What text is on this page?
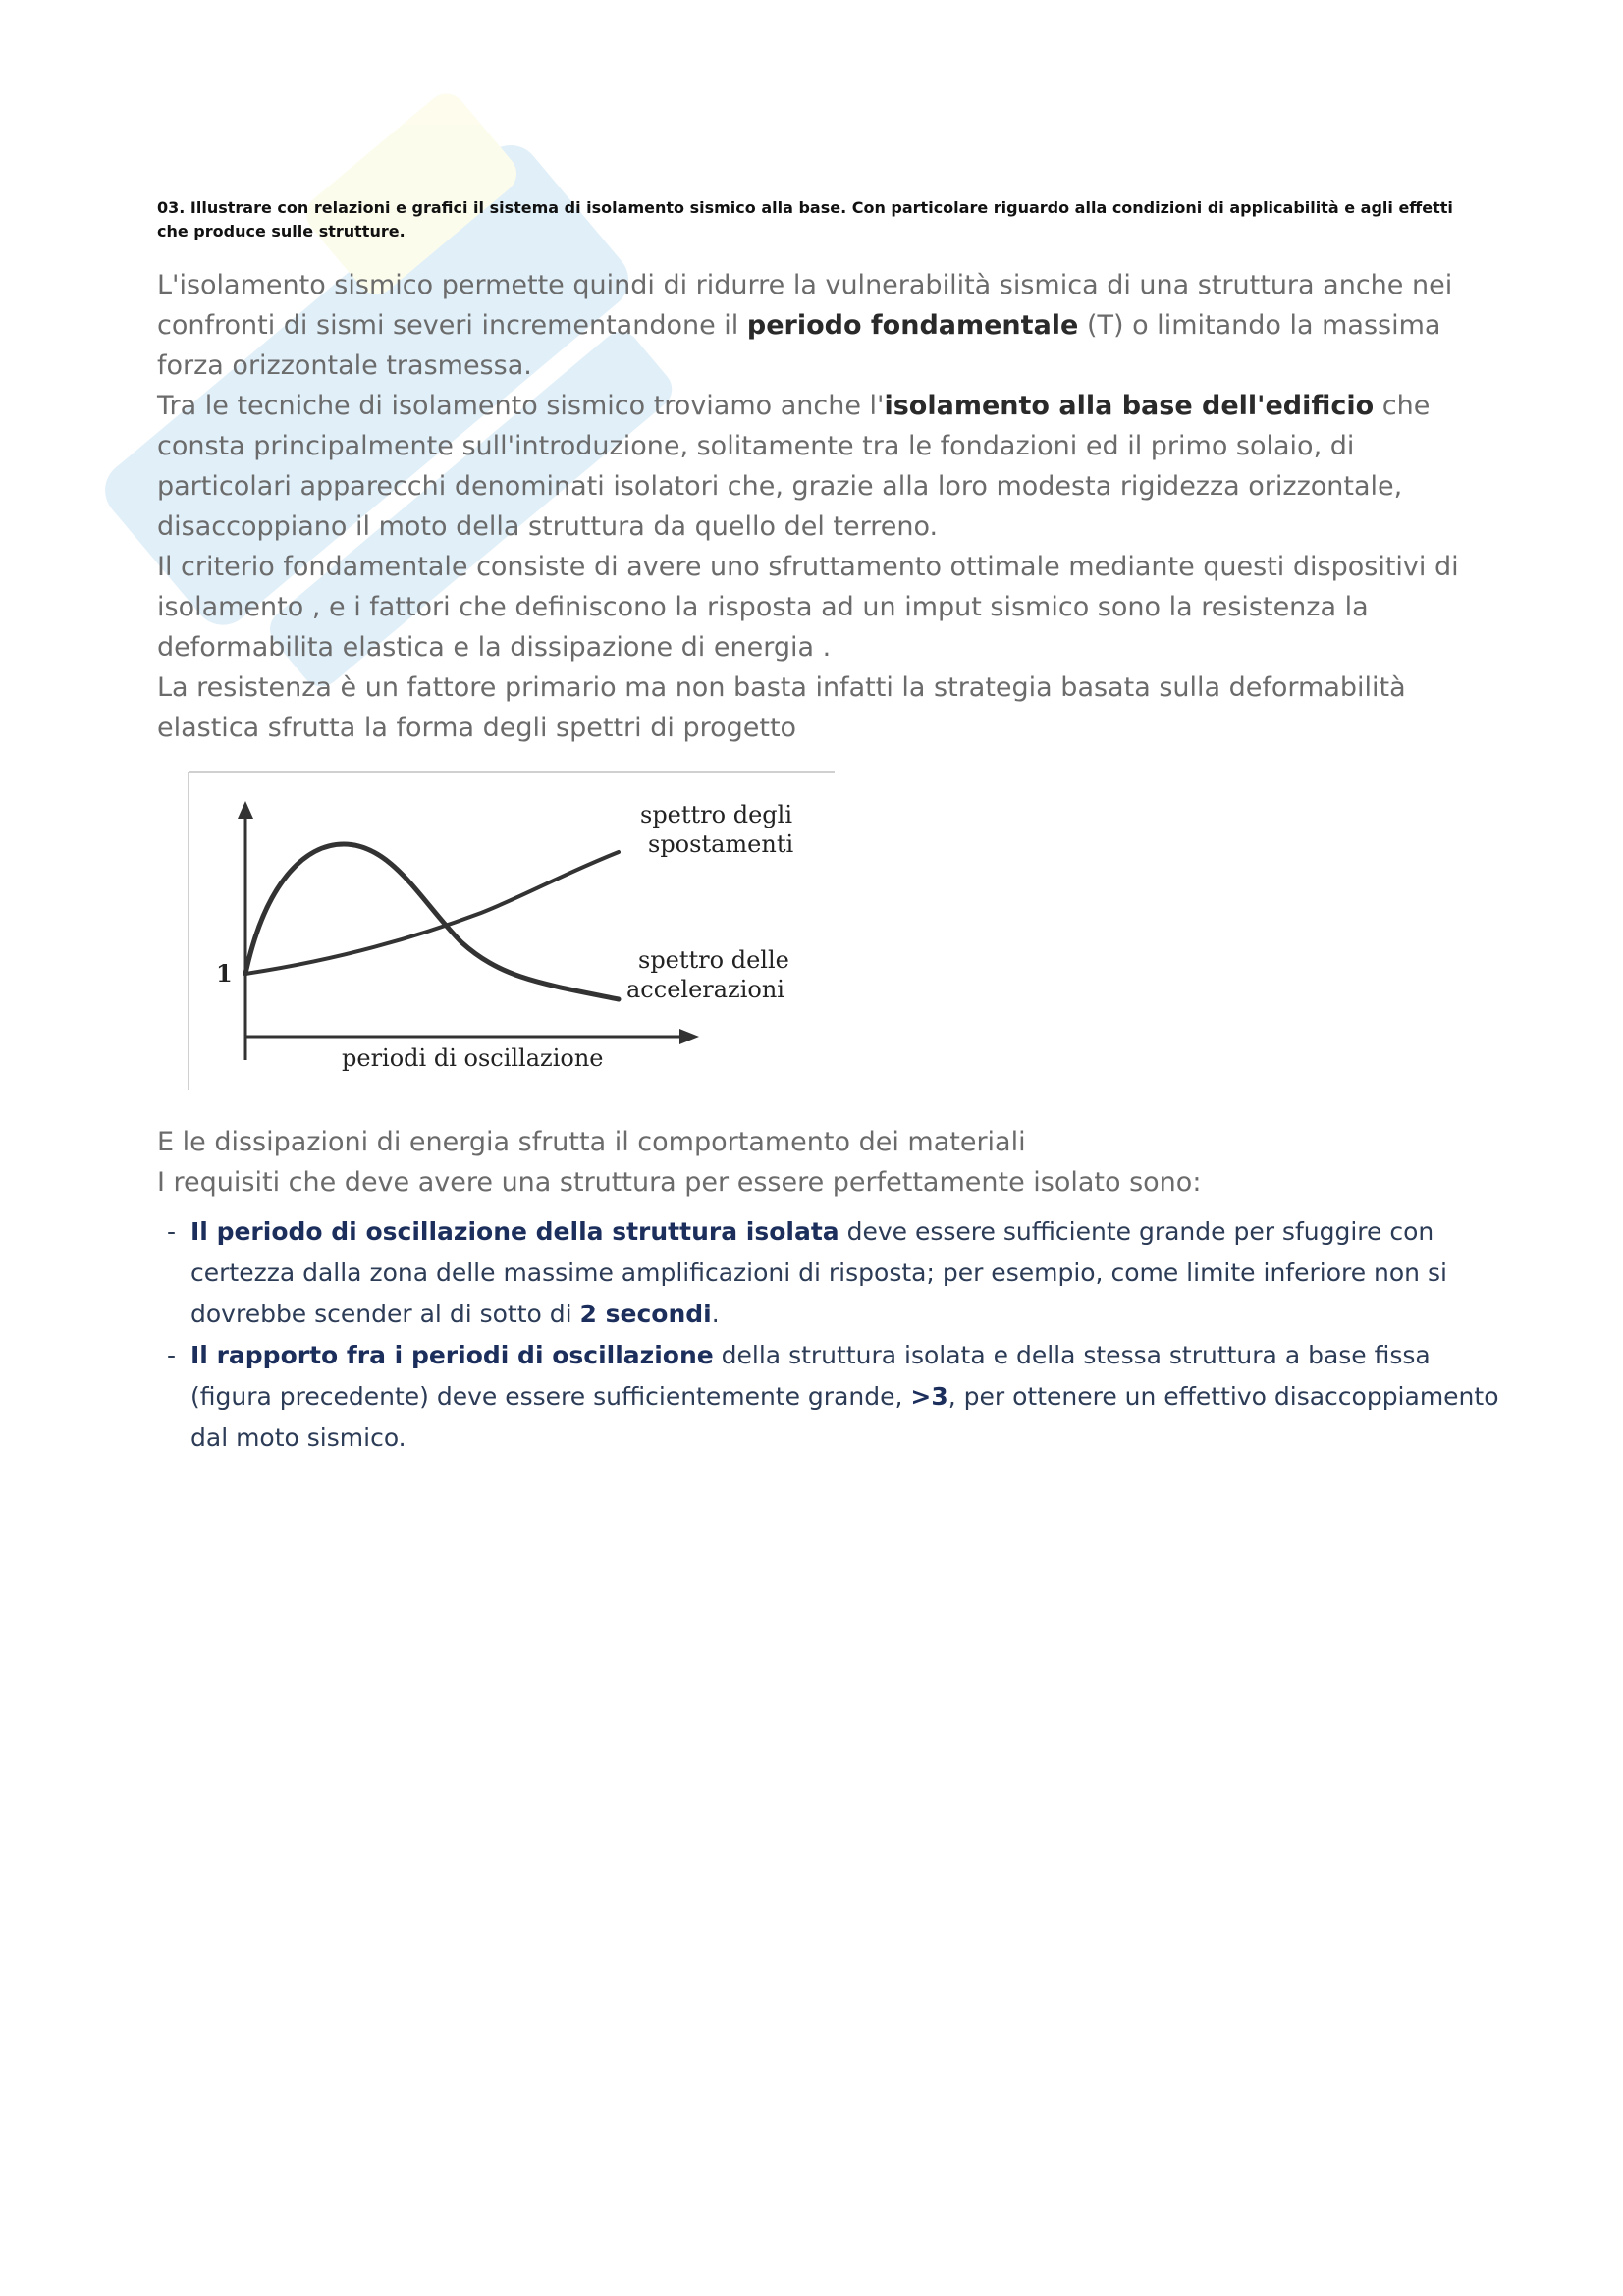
03. Illustrare con relazioni e grafici il sistema di isolamento sismico alla base. Con particolare riguardo alla condizioni di applicabilità e agli effetti che produce sulle strutture.

L'isolamento sismico permette quindi di ridurre la vulnerabilità sismica di una struttura anche nei confronti di sismi severi incrementandone il periodo fondamentale (T) o limitando la massima forza orizzontale trasmessa.

Tra le tecniche di isolamento sismico troviamo anche l'isolamento alla base dell'edificio che consta principalmente sull'introduzione, solitamente tra le fondazioni ed il primo solaio, di particolari apparecchi denominati isolatori che, grazie alla loro modesta rigidezza orizzontale, disaccoppiano il moto della struttura da quello del terreno.

Il criterio fondamentale consiste di avere uno sfruttamento ottimale mediante questi dispositivi di isolamento , e i fattori che definiscono la risposta ad un imput sismico sono la resistenza la deformabilita elastica e la dissipazione di energia .

La resistenza è un fattore primario ma non basta infatti la strategia basata sulla deformabilità elastica sfrutta la forma degli spettri di progetto

1
spettro degli
spostamenti
spettro delle
accelerazioni
periodi di oscillazione

E le dissipazioni di energia sfrutta il comportamento dei materiali

I requisiti che deve avere una struttura per essere perfettamente isolato sono:

- Il periodo di oscillazione della struttura isolata deve essere sufficiente grande per sfuggire con certezza dalla zona delle massime amplificazioni di risposta; per esempio, come limite inferiore non si dovrebbe scender al di sotto di 2 secondi.
- Il rapporto fra i periodi di oscillazione della struttura isolata e della stessa struttura a base fissa (figura precedente) deve essere sufficientemente grande, >3, per ottenere un effettivo disaccoppiamento dal moto sismico.
